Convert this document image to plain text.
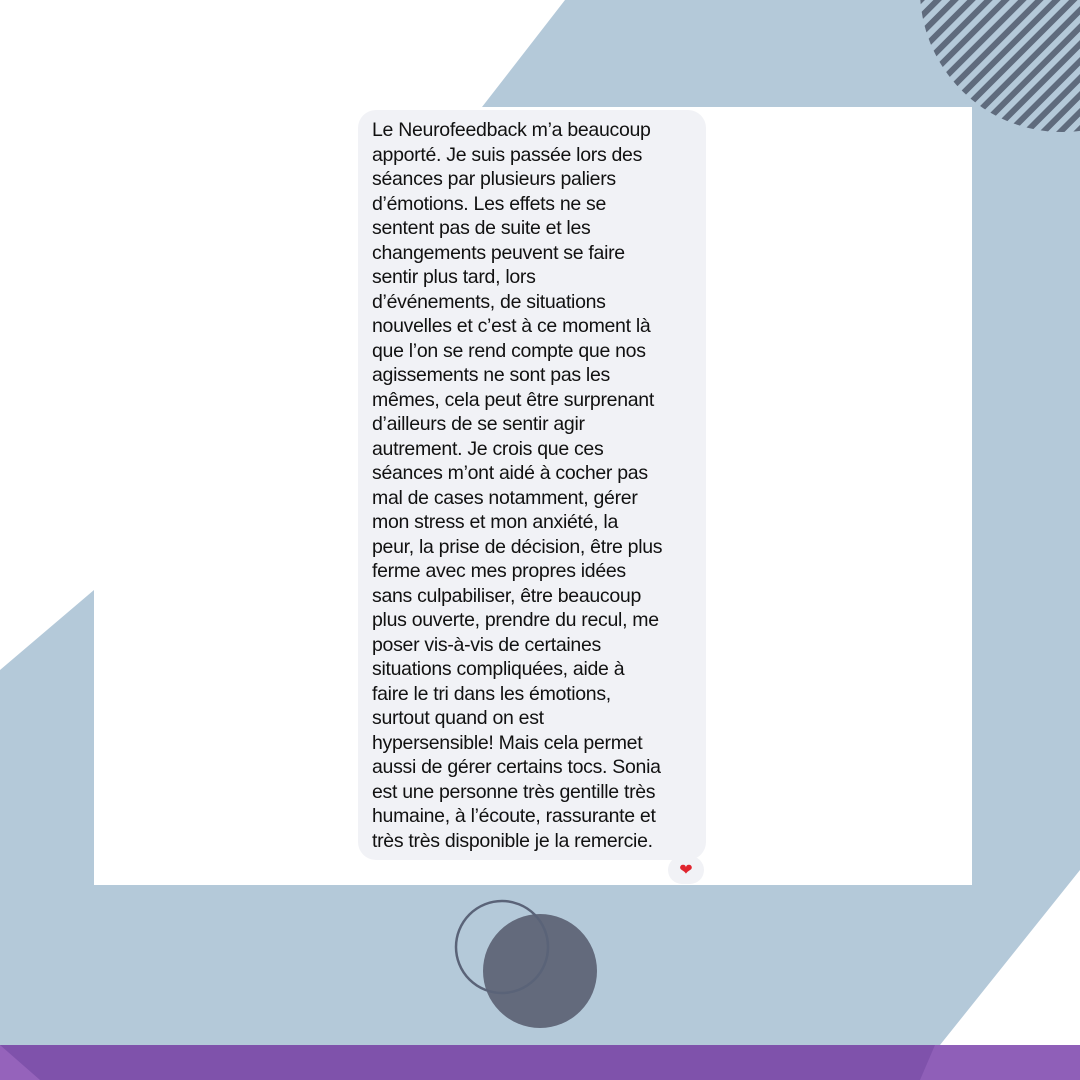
Le Neurofeedback m’a beaucoup
apporté. Je suis passée lors des
séances par plusieurs paliers
d’émotions. Les effets ne se
sentent pas de suite et les
changements peuvent se faire
sentir plus tard, lors
d’événements, de situations
nouvelles et c’est à ce moment là
que l’on se rend compte que nos
agissements ne sont pas les
mêmes, cela peut être surprenant
d’ailleurs de se sentir agir
autrement. Je crois que ces
séances m’ont aidé à cocher pas
mal de cases notamment, gérer
mon stress et mon anxiété, la
peur, la prise de décision, être plus
ferme avec mes propres idées
sans culpabiliser, être beaucoup
plus ouverte, prendre du recul, me
poser vis-à-vis de certaines
situations compliquées, aide à
faire le tri dans les émotions,
surtout quand on est
hypersensible! Mais cela permet
aussi de gérer certains tocs. Sonia
est une personne très gentille très
humaine, à l’écoute, rassurante et
très très disponible je la remercie.
❤
